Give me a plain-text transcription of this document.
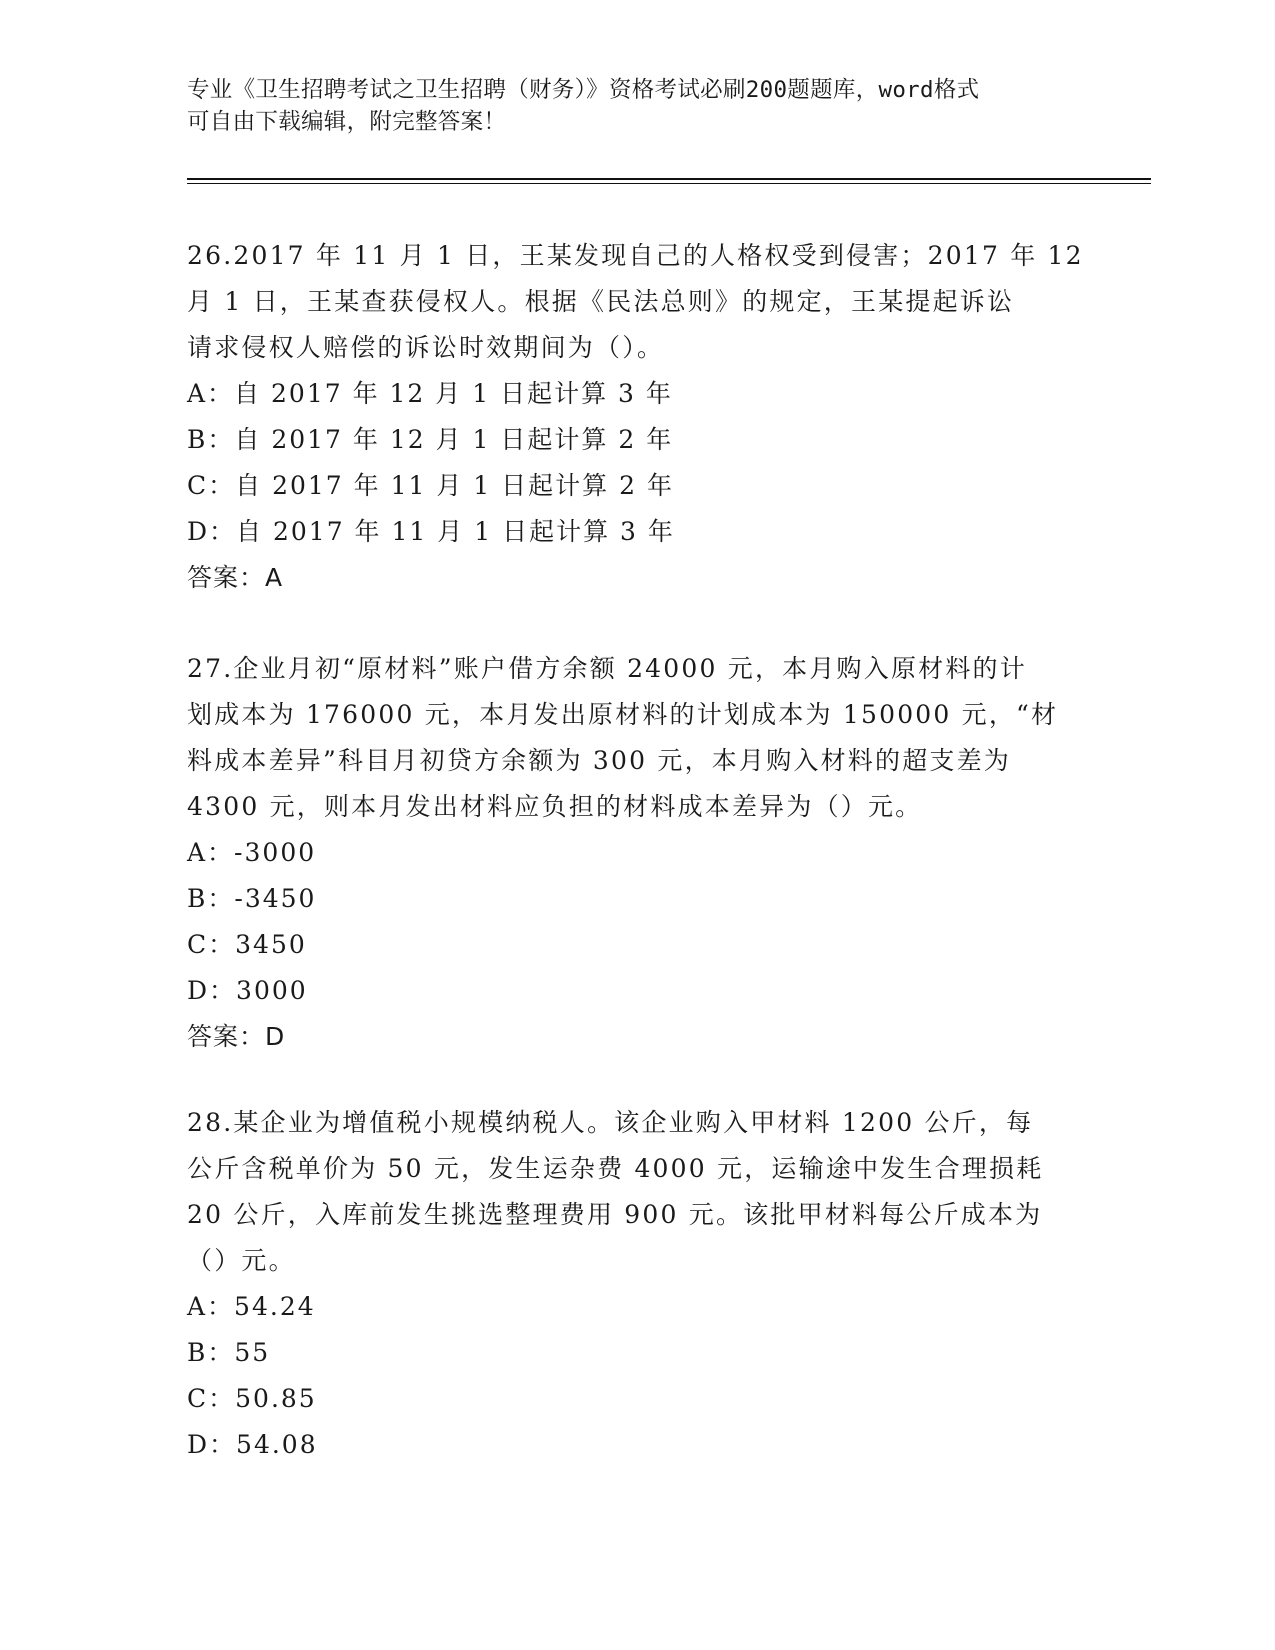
专业《卫生招聘考试之卫生招聘（财务）》资格考试必刷200题题库，word格式
可自由下载编辑，附完整答案！
26.2017 年 11 月 1 日，王某发现自己的人格权受到侵害；2017 年 12
月 1 日，王某查获侵权人。根据《民法总则》的规定，王某提起诉讼
请求侵权人赔偿的诉讼时效期间为（）。
A：自 2017 年 12 月 1 日起计算 3 年
B：自 2017 年 12 月 1 日起计算 2 年
C：自 2017 年 11 月 1 日起计算 2 年
D：自 2017 年 11 月 1 日起计算 3 年
答案：A
27.企业月初“原材料”账户借方余额 24000 元，本月购入原材料的计
划成本为 176000 元，本月发出原材料的计划成本为 150000 元，“材
料成本差异”科目月初贷方余额为 300 元，本月购入材料的超支差为
4300 元，则本月发出材料应负担的材料成本差异为（）元。
A：-3000
B：-3450
C：3450
D：3000
答案：D
28.某企业为增值税小规模纳税人。该企业购入甲材料 1200 公斤，每
公斤含税单价为 50 元，发生运杂费 4000 元，运输途中发生合理损耗
20 公斤，入库前发生挑选整理费用 900 元。该批甲材料每公斤成本为
（）元。
A：54.24
B：55
C：50.85
D：54.08
